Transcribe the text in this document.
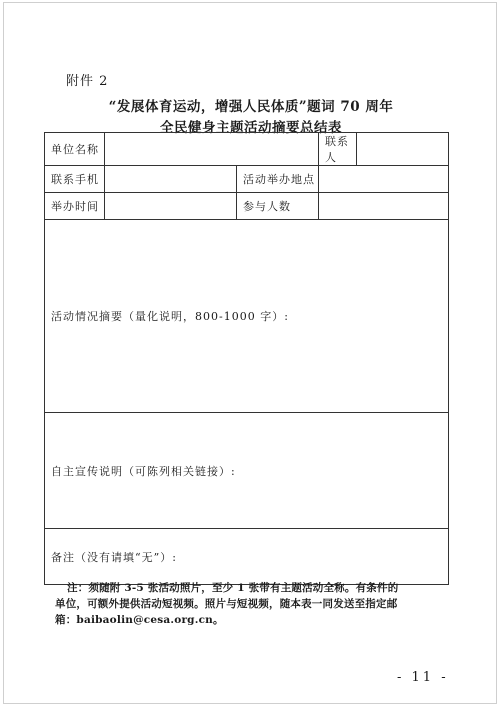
附件 2
“发展体育运动，增强人民体质”题词 70 周年
全民健身主题活动摘要总结表
单位名称			联系人	
联系手机		活动举办地点		
举办时间		参与人数		
活动情况摘要（量化说明，800-1000 字）:				
自主宣传说明（可陈列相关链接）:				
备注（没有请填“无”）:				
注：须随附 3-5 张活动照片，至少 1 张带有主题活动全称。有条件的
单位，可额外提供活动短视频。照片与短视频，随本表一同发送至指定邮
箱：baibaolin@cesa.org.cn。
- 11 -
